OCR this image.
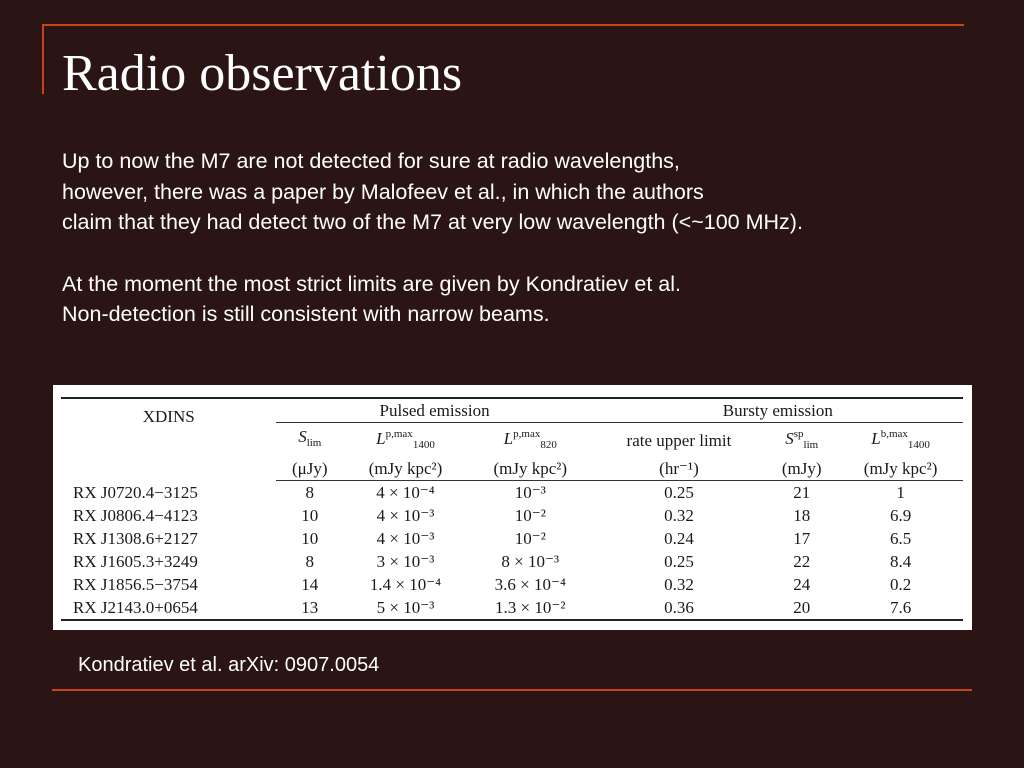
Radio observations
Up to now the M7 are not detected for sure at radio wavelengths,
however, there was a paper by Malofeev et al., in which the authors
claim that they had detect two of the M7 at very low wavelength (<~100 MHz).
At the moment the most strict limits are given by Kondratiev et al.
Non-detection is still consistent with narrow beams.
XDINS	Pulsed emission			Bursty emission		
	$S_{lim}$	$L^{p,max}_{1400}$	$L^{p,max}_{820}$	rate upper limit	$S^{sp}_{lim}$	$L^{b,max}_{1400}$
	(μJy)	(mJy kpc²)	(mJy kpc²)	(hr⁻¹)	(mJy)	(mJy kpc²)
RX J0720.4−3125	8	4 × 10⁻⁴	10⁻³	0.25	21	1
RX J0806.4−4123	10	4 × 10⁻³	10⁻²	0.32	18	6.9
RX J1308.6+2127	10	4 × 10⁻³	10⁻²	0.24	17	6.5
RX J1605.3+3249	8	3 × 10⁻³	8 × 10⁻³	0.25	22	8.4
RX J1856.5−3754	14	1.4 × 10⁻⁴	3.6 × 10⁻⁴	0.32	24	0.2
RX J2143.0+0654	13	5 × 10⁻³	1.3 × 10⁻²	0.36	20	7.6
Kondratiev et al. arXiv: 0907.0054
